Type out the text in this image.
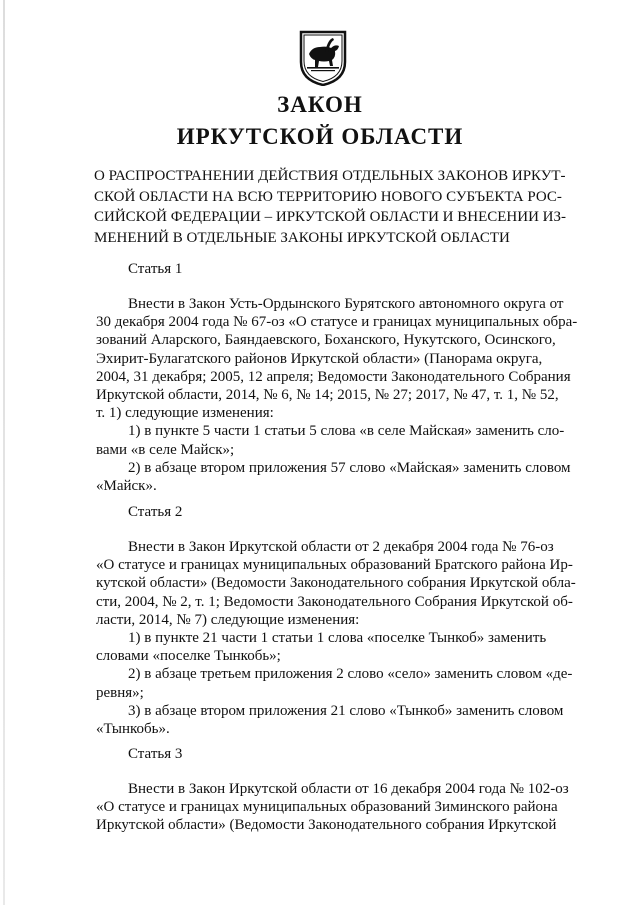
ЗАКОН
ИРКУТСКОЙ ОБЛАСТИ

О РАСПРОСТРАНЕНИИ ДЕЙСТВИЯ ОТДЕЛЬНЫХ ЗАКОНОВ ИРКУТ-
СКОЙ ОБЛАСТИ НА ВСЮ ТЕРРИТОРИЮ НОВОГО СУБЪЕКТА РОС-
СИЙСКОЙ ФЕДЕРАЦИИ – ИРКУТСКОЙ ОБЛАСТИ И ВНЕСЕНИИ ИЗ-
МЕНЕНИЙ В ОТДЕЛЬНЫЕ ЗАКОНЫ ИРКУТСКОЙ ОБЛАСТИ

Статья 1

Внести в Закон Усть-Ордынского Бурятского автономного округа от
30 декабря 2004 года № 67-оз «О статусе и границах муниципальных обра-
зований Аларского, Баяндаевского, Боханского, Нукутского, Осинского,
Эхирит-Булагатского районов Иркутской области» (Панорама округа,
2004, 31 декабря; 2005, 12 апреля; Ведомости Законодательного Собрания
Иркутской области, 2014, № 6, № 14; 2015, № 27; 2017, № 47, т. 1, № 52,
т. 1) следующие изменения:
1) в пункте 5 части 1 статьи 5 слова «в селе Майская» заменить сло-
вами «в селе Майск»;
2) в абзаце втором приложения 57 слово «Майская» заменить словом
«Майск».

Статья 2

Внести в Закон Иркутской области от 2 декабря 2004 года № 76-оз
«О статусе и границах муниципальных образований Братского района Ир-
кутской области» (Ведомости Законодательного собрания Иркутской обла-
сти, 2004, № 2, т. 1; Ведомости Законодательного Собрания Иркутской об-
ласти, 2014, № 7) следующие изменения:
1) в пункте 21 части 1 статьи 1 слова «поселке Тынкоб» заменить
словами «поселке Тынкобь»;
2) в абзаце третьем приложения 2 слово «село» заменить словом «де-
ревня»;
3) в абзаце втором приложения 21 слово «Тынкоб» заменить словом
«Тынкобь».

Статья 3

Внести в Закон Иркутской области от 16 декабря 2004 года № 102-оз
«О статусе и границах муниципальных образований Зиминского района
Иркутской области» (Ведомости Законодательного собрания Иркутской
